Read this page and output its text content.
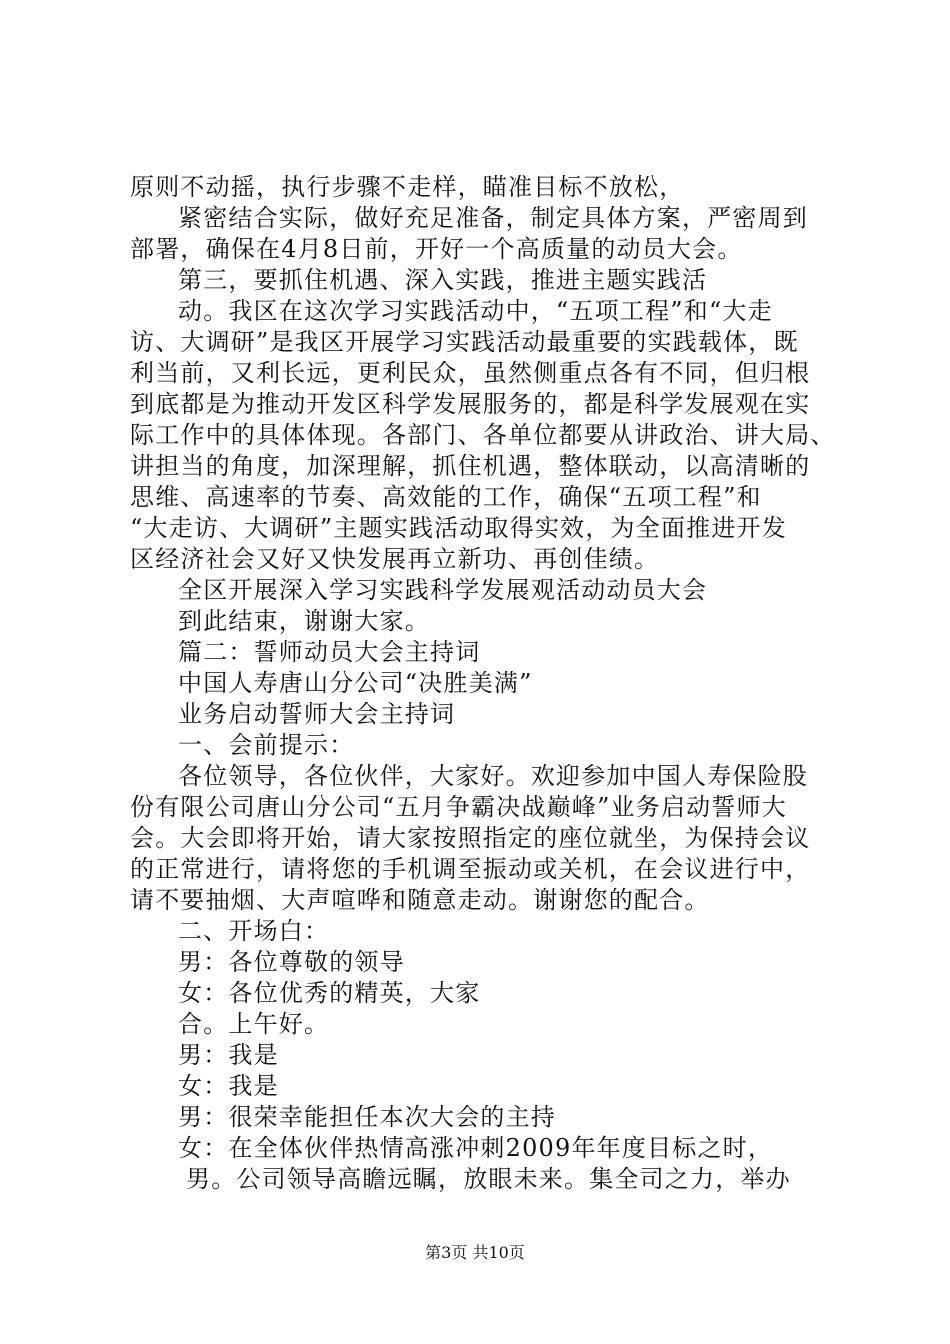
原则不动摇，执行步骤不走样，瞄准目标不放松，
紧密结合实际，做好充足准备，制定具体方案，严密周到
部署，确保在4月8日前，开好一个高质量的动员大会。
第三，要抓住机遇、深入实践，推进主题实践活
动。我区在这次学习实践活动中，“五项工程”和“大走
访、大调研”是我区开展学习实践活动最重要的实践载体，既
利当前，又利长远，更利民众，虽然侧重点各有不同，但归根
到底都是为推动开发区科学发展服务的，都是科学发展观在实
际工作中的具体体现。各部门、各单位都要从讲政治、讲大局、
讲担当的角度，加深理解，抓住机遇，整体联动，以高清晰的
思维、高速率的节奏、高效能的工作，确保“五项工程”和
“大走访、大调研”主题实践活动取得实效，为全面推进开发
区经济社会又好又快发展再立新功、再创佳绩。
全区开展深入学习实践科学发展观活动动员大会
到此结束，谢谢大家。
篇二：誓师动员大会主持词
中国人寿唐山分公司“决胜美满”
业务启动誓师大会主持词
一、会前提示：
各位领导，各位伙伴，大家好。欢迎参加中国人寿保险股
份有限公司唐山分公司“五月争霸决战巅峰”业务启动誓师大
会。大会即将开始，请大家按照指定的座位就坐，为保持会议
的正常进行，请将您的手机调至振动或关机，在会议进行中，
请不要抽烟、大声喧哗和随意走动。谢谢您的配合。
二、开场白：
男：各位尊敬的领导
女：各位优秀的精英，大家
合。上午好。
男：我是
女：我是
男：很荣幸能担任本次大会的主持
女：在全体伙伴热情高涨冲刺2009年年度目标之时，
男。公司领导高瞻远瞩，放眼未来。集全司之力，举办
第3页 共10页
